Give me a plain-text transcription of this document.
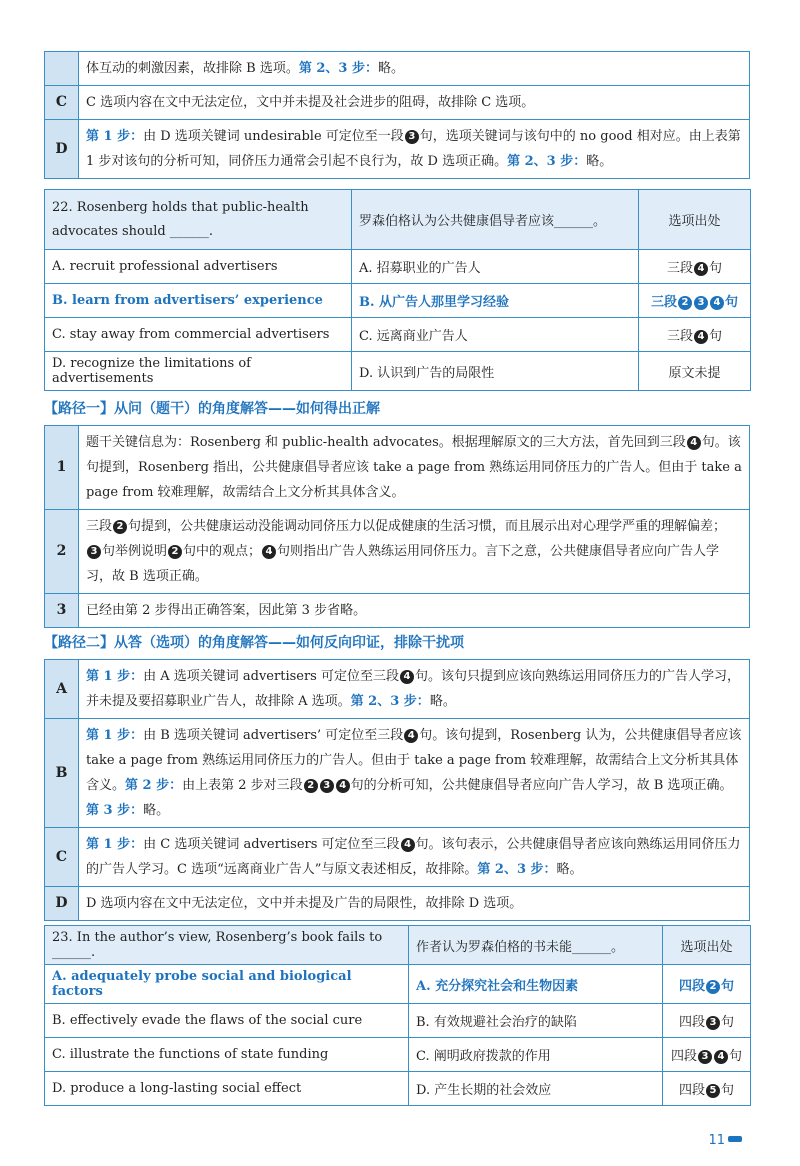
	体互动的刺激因素，故排除 B 选项。第 2、3 步：略。
C	C 选项内容在文中无法定位，文中并未提及社会进步的阻碍，故排除 C 选项。
D	第 1 步：由 D 选项关键词 undesirable 可定位至一段 3 句，选项关键词与该句中的 no good 相对应。由上表第 1 步对该句的分析可知，同侪压力通常会引起不良行为，故 D 选项正确。第 2、3 步：略。
22. Rosenberg holds that public-health advocates should ______.	罗森伯格认为公共健康倡导者应该______。	选项出处
A. recruit professional advertisers	A. 招募职业的广告人	三段 4 句
B. learn from advertisers’ experience	B. 从广告人那里学习经验	三段 2 3 4 句
C. stay away from commercial advertisers	C. 远离商业广告人	三段 4 句
D. recognize the limitations of advertisements	D. 认识到广告的局限性	原文未提
【路径一】从问（题干）的角度解答——如何得出正解
1	题干关键信息为：Rosenberg 和 public-health advocates。根据理解原文的三大方法，首先回到三段 4 句。该句提到，Rosenberg 指出，公共健康倡导者应该 take a page from 熟练运用同侪压力的广告人。但由于 take a page from 较难理解，故需结合上文分析其具体含义。
2	三段 2 句提到，公共健康运动没能调动同侪压力以促成健康的生活习惯，而且展示出对心理学严重的理解偏差；3 句举例说明 2 句中的观点； 4 句则指出广告人熟练运用同侪压力。言下之意，公共健康倡导者应向广告人学习，故 B 选项正确。
3	已经由第 2 步得出正确答案，因此第 3 步省略。
【路径二】从答（选项）的角度解答——如何反向印证，排除干扰项
A	第 1 步：由 A 选项关键词 advertisers 可定位至三段 4 句。该句只提到应该向熟练运用同侪压力的广告人学习，并未提及要招募职业广告人，故排除 A 选项。第 2、3 步：略。
B	第 1 步：由 B 选项关键词 advertisers’ 可定位至三段 4 句。该句提到，Rosenberg 认为，公共健康倡导者应该 take a page from 熟练运用同侪压力的广告人。但由于 take a page from 较难理解，故需结合上文分析其具体含义。第 2 步：由上表第 2 步对三段 2 3 4 句的分析可知，公共健康倡导者应向广告人学习，故 B 选项正确。第 3 步：略。
C	第 1 步：由 C 选项关键词 advertisers 可定位至三段 4 句。该句表示，公共健康倡导者应该向熟练运用同侪压力的广告人学习。C 选项“远离商业广告人”与原文表述相反，故排除。第 2、3 步：略。
D	D 选项内容在文中无法定位，文中并未提及广告的局限性，故排除 D 选项。
23. In the author’s view, Rosenberg’s book fails to ______.	作者认为罗森伯格的书未能______。	选项出处
A. adequately probe social and biological factors	A. 充分探究社会和生物因素	四段 2 句
B. effectively evade the flaws of the social cure	B. 有效规避社会治疗的缺陷	四段 3 句
C. illustrate the functions of state funding	C. 阐明政府拨款的作用	四段 3 4 句
D. produce a long-lasting social effect	D. 产生长期的社会效应	四段 5 句
11
